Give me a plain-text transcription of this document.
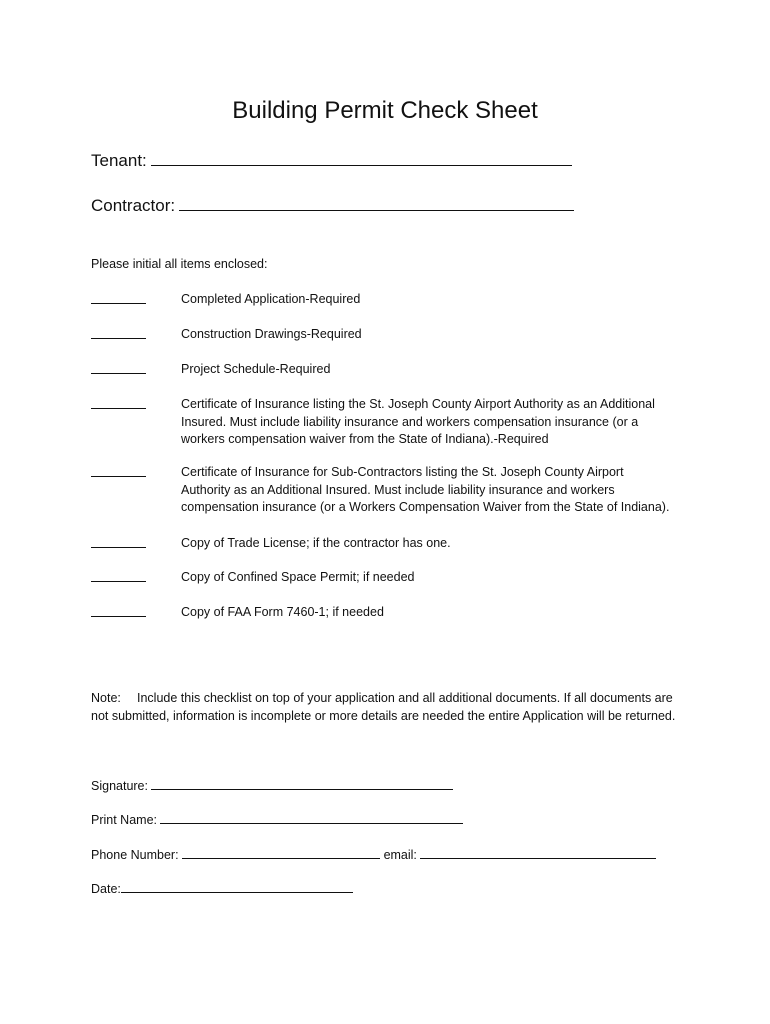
Building Permit Check Sheet
Tenant:
Contractor:
Please initial all items enclosed:
Completed Application-Required
Construction Drawings-Required
Project Schedule-Required
Certificate of Insurance listing the St. Joseph County Airport Authority as an Additional
Insured. Must include liability insurance and workers compensation insurance (or a
workers compensation waiver from the State of Indiana).-Required
Certificate of Insurance for Sub-Contractors listing the St. Joseph County Airport
Authority as an Additional Insured. Must include liability insurance and workers
compensation insurance (or a Workers Compensation Waiver from the State of Indiana).
Copy of Trade License; if the contractor has one.
Copy of Confined Space Permit; if needed
Copy of FAA Form 7460-1; if needed
Note: Include this checklist on top of your application and all additional documents. If all documents are not submitted, information is incomplete or more details are needed the entire Application will be returned.
Signature:
Print Name:
Phone Number:	email:
Date:
